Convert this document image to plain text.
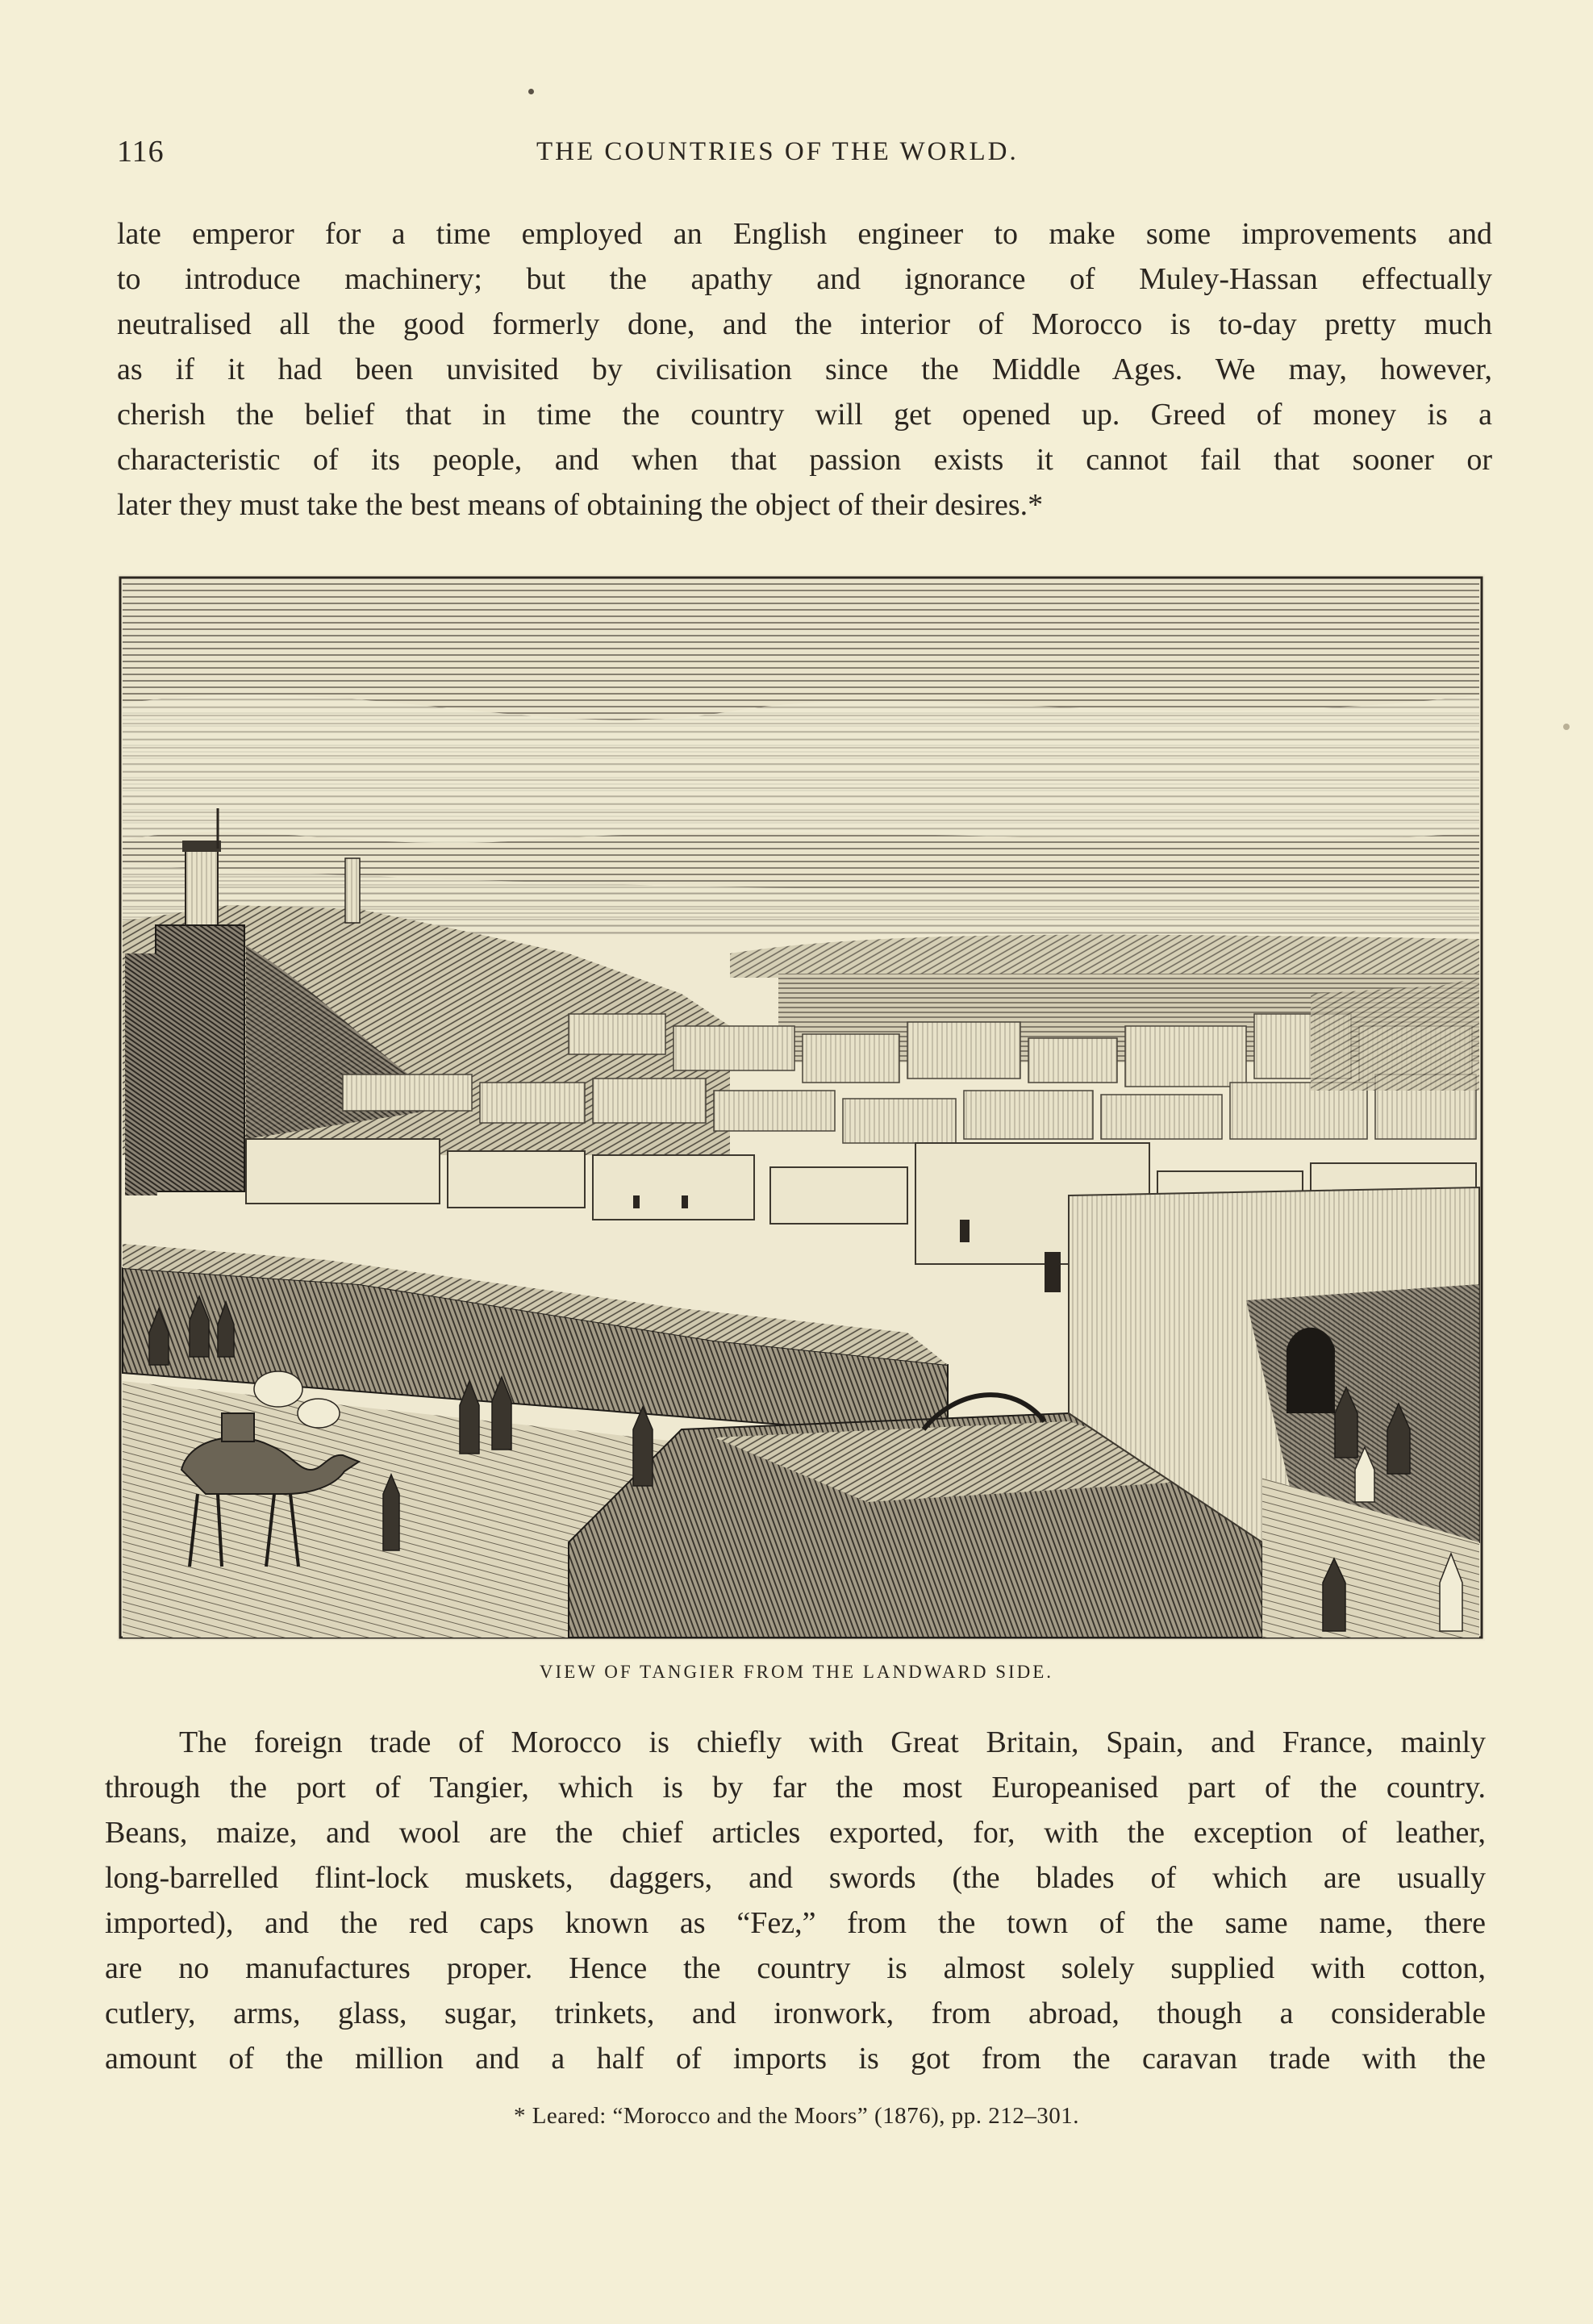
116	THE COUNTRIES OF THE WORLD.
late emperor for a time employed an English engineer to make some improvements and
to introduce machinery; but the apathy and ignorance of Muley-Hassan effectually
neutralised all the good formerly done, and the interior of Morocco is to-day pretty much
as if it had been unvisited by civilisation since the Middle Ages. We may, however,
cherish the belief that in time the country will get opened up. Greed of money is a
characteristic of its people, and when that passion exists it cannot fail that sooner or
later they must take the best means of obtaining the object of their desires.*
VIEW OF TANGIER FROM THE LANDWARD SIDE.
The foreign trade of Morocco is chiefly with Great Britain, Spain, and France, mainly
through the port of Tangier, which is by far the most Europeanised part of the country.
Beans, maize, and wool are the chief articles exported, for, with the exception of leather,
long-barrelled flint-lock muskets, daggers, and swords (the blades of which are usually
imported), and the red caps known as “Fez,” from the town of the same name, there
are no manufactures proper. Hence the country is almost solely supplied with cotton,
cutlery, arms, glass, sugar, trinkets, and ironwork, from abroad, though a considerable
amount of the million and a half of imports is got from the caravan trade with the
* Leared: “Morocco and the Moors” (1876), pp. 212–301.
